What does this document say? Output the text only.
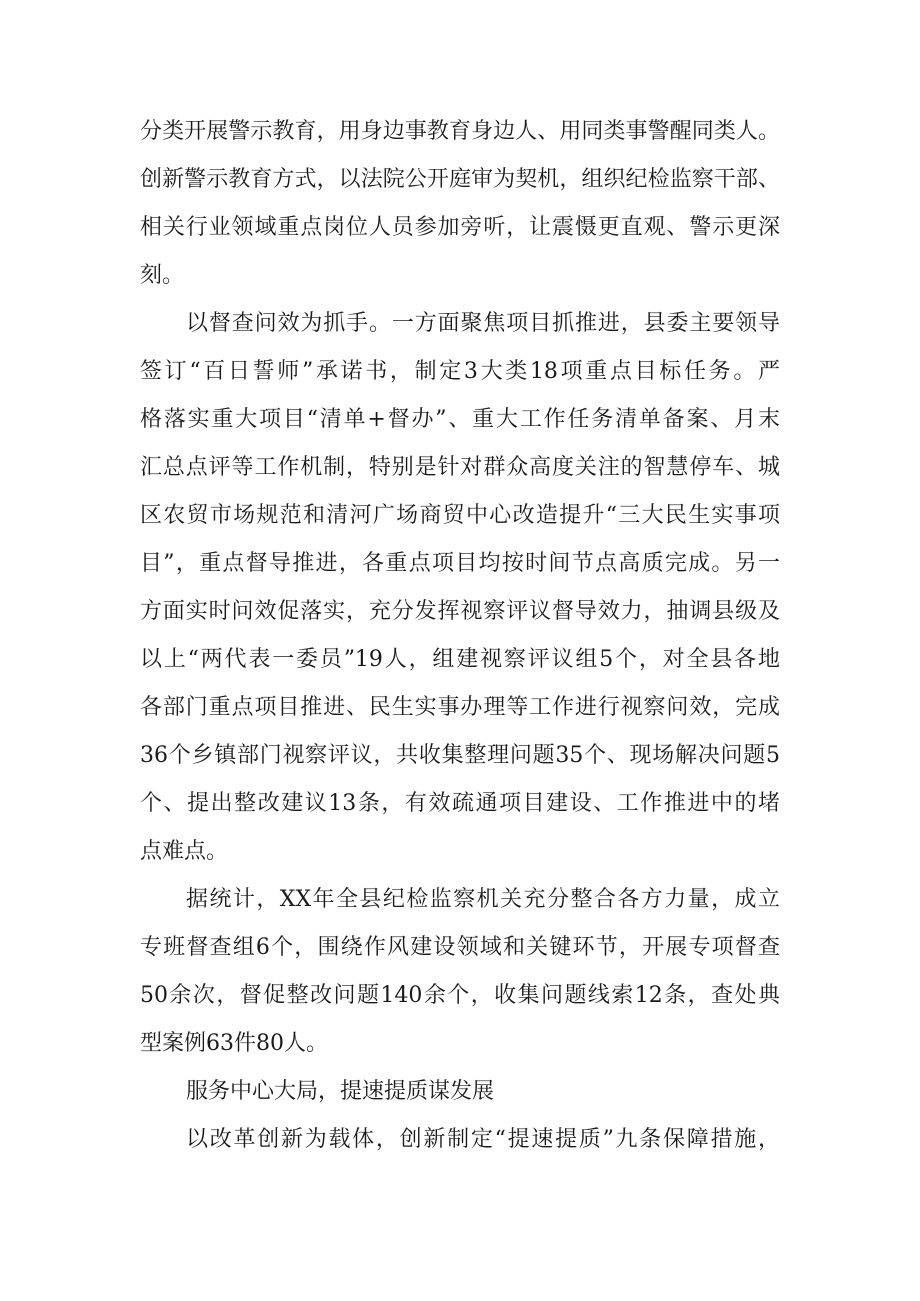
分类开展警示教育，用身边事教育身边人、用同类事警醒同类人。

创新警示教育方式，以法院公开庭审为契机，组织纪检监察干部、

相关行业领域重点岗位人员参加旁听，让震慑更直观、警示更深

刻。

以督查问效为抓手。一方面聚焦项目抓推进，县委主要领导

签订“百日誓师”承诺书，制定3大类18项重点目标任务。严

格落实重大项目“清单+督办”、重大工作任务清单备案、月末

汇总点评等工作机制，特别是针对群众高度关注的智慧停车、城

区农贸市场规范和清河广场商贸中心改造提升“三大民生实事项

目”，重点督导推进，各重点项目均按时间节点高质完成。另一

方面实时问效促落实，充分发挥视察评议督导效力，抽调县级及

以上“两代表一委员”19人，组建视察评议组5个，对全县各地

各部门重点项目推进、民生实事办理等工作进行视察问效，完成

36个乡镇部门视察评议，共收集整理问题35个、现场解决问题5

个、提出整改建议13条，有效疏通项目建设、工作推进中的堵

点难点。

据统计，XX年全县纪检监察机关充分整合各方力量，成立

专班督查组6个，围绕作风建设领域和关键环节，开展专项督查

50余次，督促整改问题140余个，收集问题线索12条，查处典

型案例63件80人。

服务中心大局，提速提质谋发展

以改革创新为载体，创新制定“提速提质”九条保障措施，
